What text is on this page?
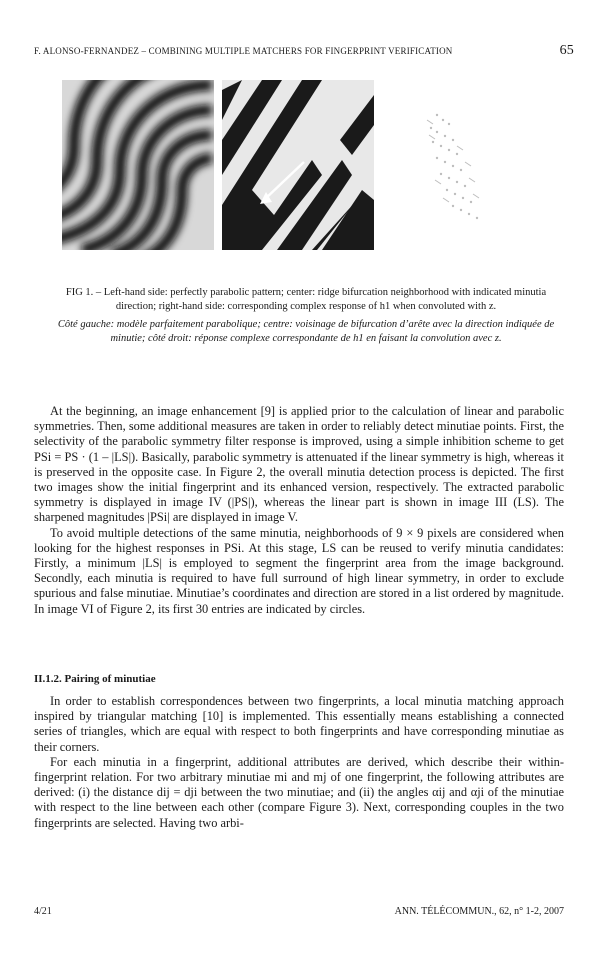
F. ALONSO-FERNANDEZ – COMBINING MULTIPLE MATCHERS FOR FINGERPRINT VERIFICATION	65

FIG 1. – Left-hand side: perfectly parabolic pattern; center: ridge bifurcation neighborhood with indicated minutia direction; right-hand side: corresponding complex response of h1 when convoluted with z.

Côté gauche: modèle parfaitement parabolique; centre: voisinage de bifurcation d’arête avec la direction indiquée de minutie; côté droit: réponse complexe correspondante de h1 en faisant la convolution avec z.

At the beginning, an image enhancement [9] is applied prior to the calculation of linear and parabolic symmetries. Then, some additional measures are taken in order to reliably detect minutiae points. First, the selectivity of the parabolic symmetry filter response is improved, using a simple inhibition scheme to get PSi = PS · (1 – |LS|). Basically, parabolic symmetry is attenuated if the linear symmetry is high, whereas it is preserved in the opposite case. In Figure 2, the overall minutia detection process is depicted. The first two images show the initial fingerprint and its enhanced version, respectively. The extracted parabolic symmetry is displayed in image IV (|PS|), whereas the linear part is shown in image III (LS). The sharpened magnitudes |PSi| are displayed in image V.

To avoid multiple detections of the same minutia, neighborhoods of 9 × 9 pixels are considered when looking for the highest responses in PSi. At this stage, LS can be reused to verify minutia candidates: Firstly, a minimum |LS| is employed to segment the fingerprint area from the image background. Secondly, each minutia is required to have full surround of high linear symmetry, in order to exclude spurious and false minutiae. Minutiae’s coordinates and direction are stored in a list ordered by magnitude. In image VI of Figure 2, its first 30 entries are indicated by circles.

II.1.2. Pairing of minutiae

In order to establish correspondences between two fingerprints, a local minutia matching approach inspired by triangular matching [10] is implemented. This essentially means establishing a connected series of triangles, which are equal with respect to both fingerprints and have corresponding minutiae as their corners.

For each minutia in a fingerprint, additional attributes are derived, which describe their within-fingerprint relation. For two arbitrary minutiae mi and mj of one fingerprint, the following attributes are derived: (i) the distance dij = dji between the two minutiae; and (ii) the angles αij and αji of the minutiae with respect to the line between each other (compare Figure 3). Next, corresponding couples in the two fingerprints are selected. Having two arbi-

4/21	ANN. TÉLÉCOMMUN., 62, n° 1-2, 2007
